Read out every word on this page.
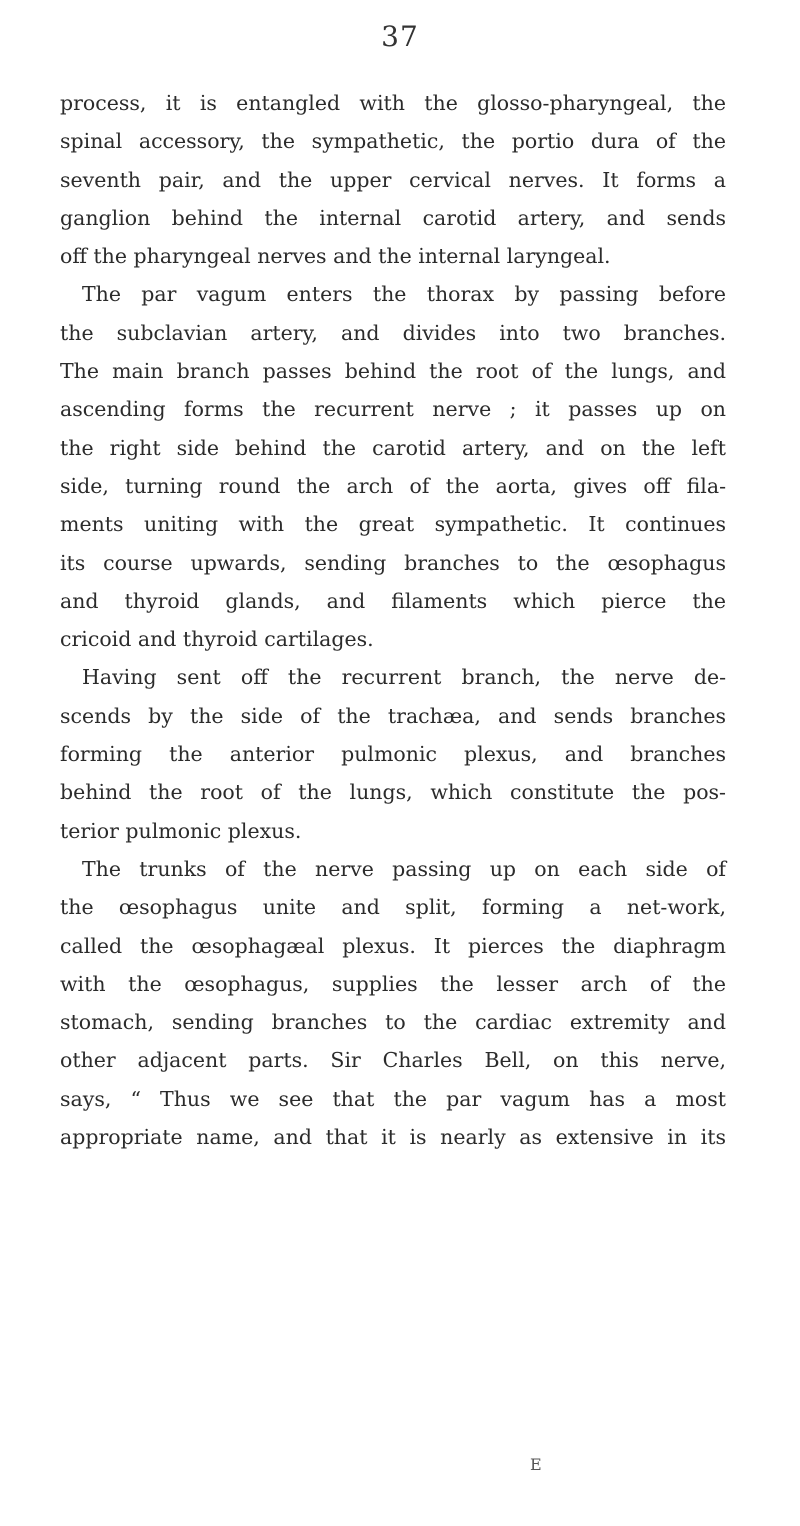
37
process, it is entangled with the glosso-pharyngeal, the
spinal accessory, the sympathetic, the portio dura of the
seventh pair, and the upper cervical nerves. It forms a
ganglion behind the internal carotid artery, and sends
off the pharyngeal nerves and the internal laryngeal.
The par vagum enters the thorax by passing before
the subclavian artery, and divides into two branches.
The main branch passes behind the root of the lungs, and
ascending forms the recurrent nerve ; it passes up on
the right side behind the carotid artery, and on the left
side, turning round the arch of the aorta, gives off fila-
ments uniting with the great sympathetic. It continues
its course upwards, sending branches to the œsophagus
and thyroid glands, and filaments which pierce the
cricoid and thyroid cartilages.
Having sent off the recurrent branch, the nerve de-
scends by the side of the trachæa, and sends branches
forming the anterior pulmonic plexus, and branches
behind the root of the lungs, which constitute the pos-
terior pulmonic plexus.
The trunks of the nerve passing up on each side of
the œsophagus unite and split, forming a net-work,
called the œsophagæal plexus. It pierces the diaphragm
with the œsophagus, supplies the lesser arch of the
stomach, sending branches to the cardiac extremity and
other adjacent parts. Sir Charles Bell, on this nerve,
says, “ Thus we see that the par vagum has a most
appropriate name, and that it is nearly as extensive in its
E
